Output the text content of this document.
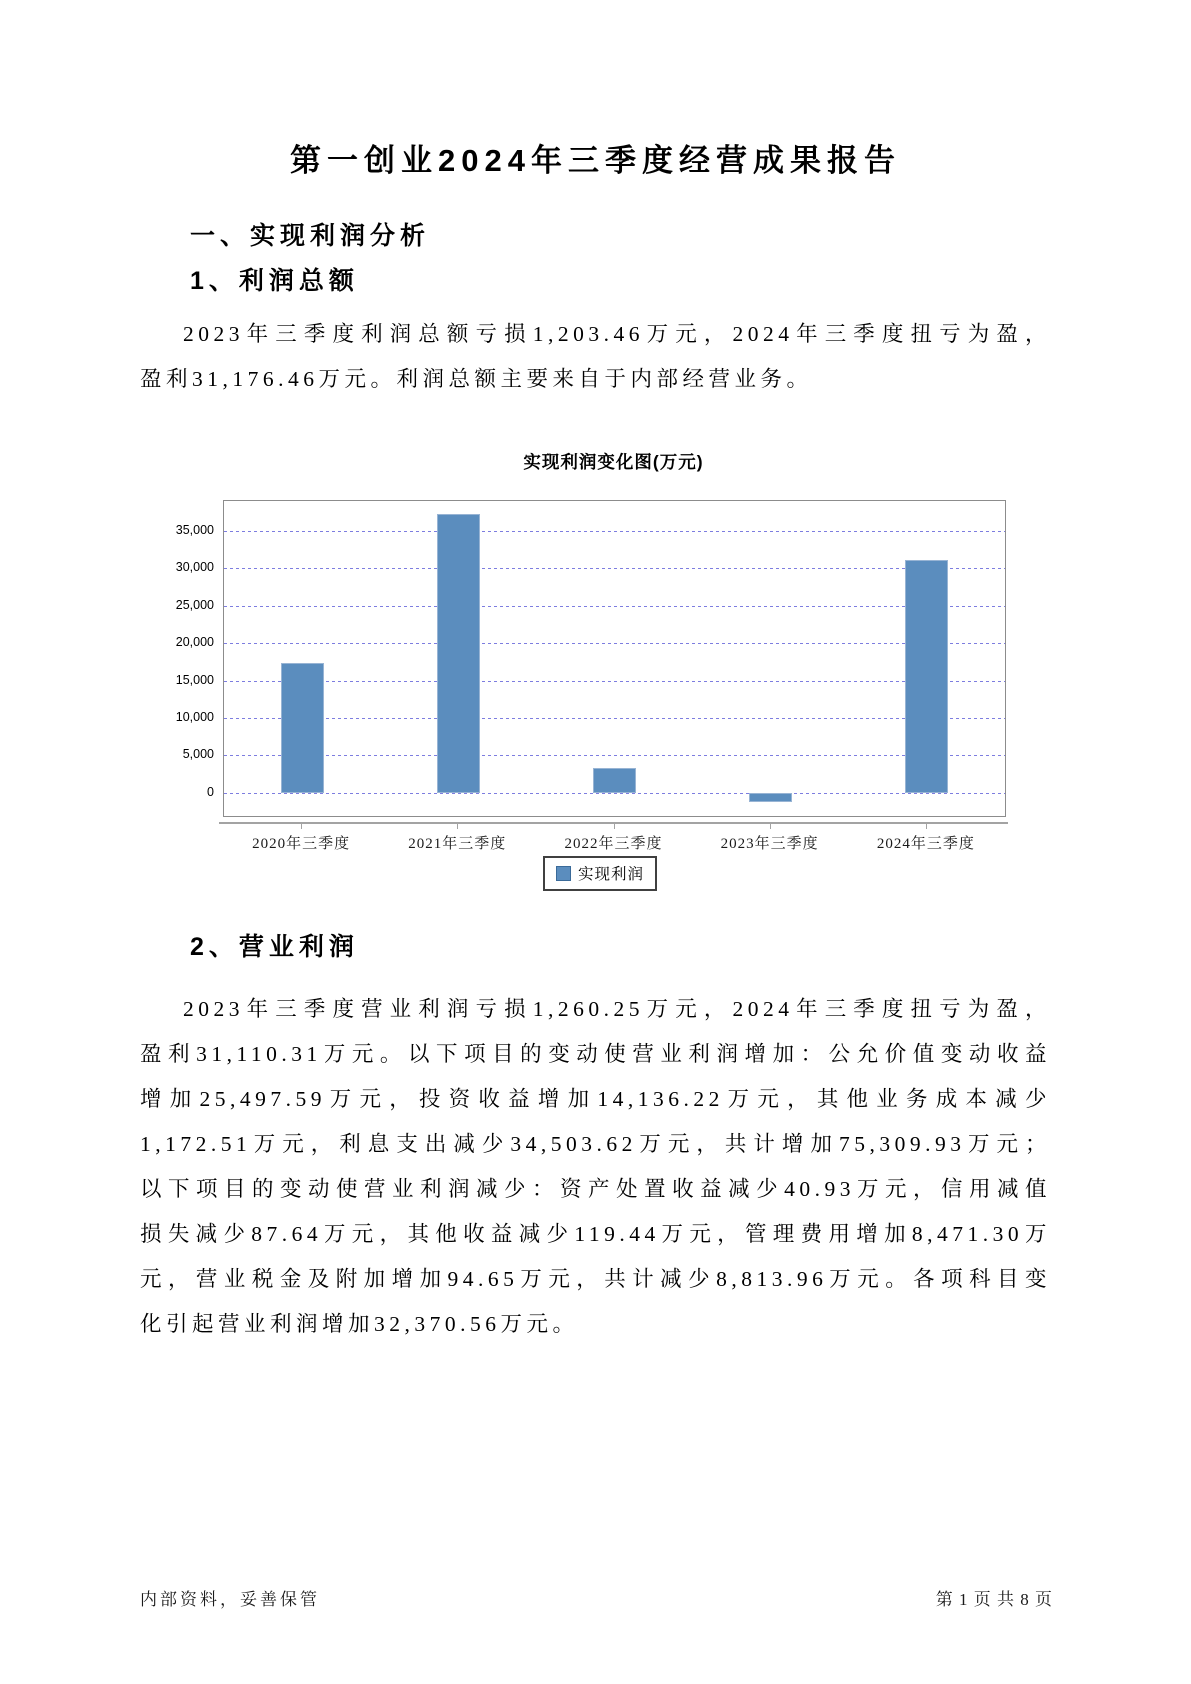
第一创业2024年三季度经营成果报告
一、实现利润分析
1、利润总额
2023年三季度利润总额亏损1,203.46万元，2024年三季度扭亏为盈，
盈利31,176.46万元。利润总额主要来自于内部经营业务。
实现利润变化图(万元)
0
5,000
10,000
15,000
20,000
25,000
30,000
35,000
2020年三季度	2021年三季度	2022年三季度	2023年三季度	2024年三季度
实现利润
2、营业利润
2023年三季度营业利润亏损1,260.25万元，2024年三季度扭亏为盈，
盈利31,110.31万元。以下项目的变动使营业利润增加：公允价值变动收益
增加25,497.59万元，投资收益增加14,136.22万元，其他业务成本减少
1,172.51万元，利息支出减少34,503.62万元，共计增加75,309.93万元；
以下项目的变动使营业利润减少：资产处置收益减少40.93万元，信用减值
损失减少87.64万元，其他收益减少119.44万元，管理费用增加8,471.30万
元，营业税金及附加增加94.65万元，共计减少8,813.96万元。各项科目变
化引起营业利润增加32,370.56万元。
内部资料，妥善保管	第 1 页 共 8 页
